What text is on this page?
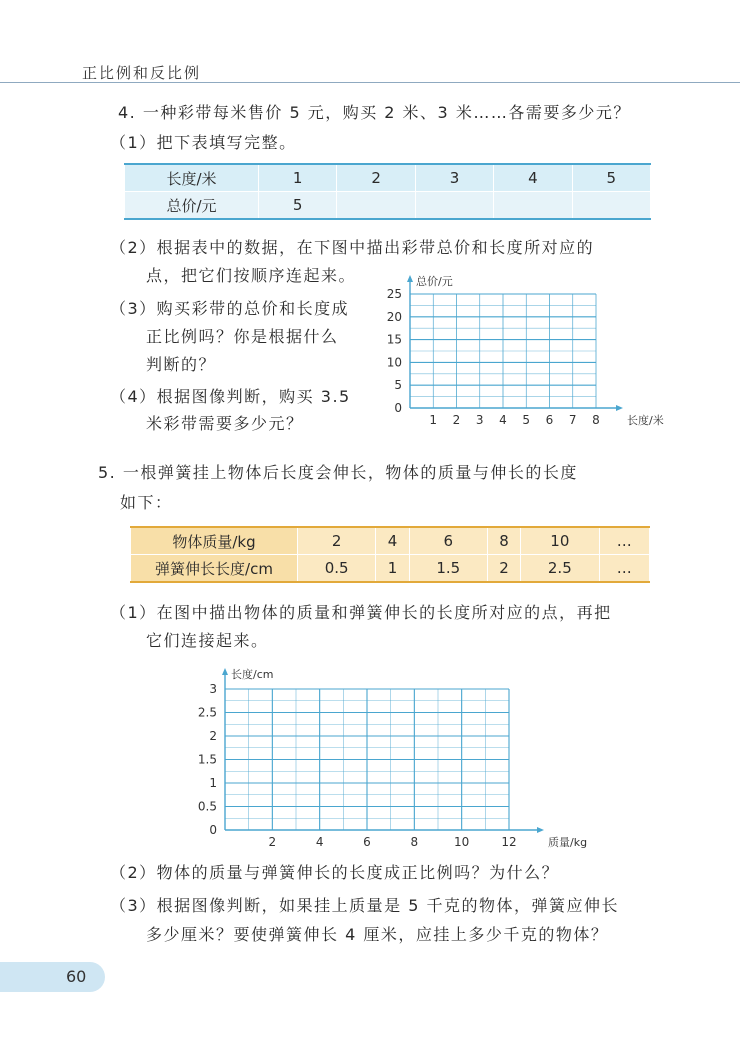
正比例和反比例
4. 一种彩带每米售价 5 元，购买 2 米、3 米……各需要多少元？
（1）把下表填写完整。
长度/米	1	2	3	4	5
总价/元	5				
（2）根据表中的数据，在下图中描出彩带总价和长度所对应的
点，把它们按顺序连起来。
（3）购买彩带的总价和长度成
正比例吗？你是根据什么
判断的？
（4）根据图像判断，购买 3.5
米彩带需要多少元？	1 2 3 4 5 6 7 8
0
5
10
15
20
25
长度/米
总价/元
5. 一根弹簧挂上物体后长度会伸长，物体的质量与伸长的长度
如下：
物体质量/kg	2	4	6	8	10	…
弹簧伸长长度/cm	0.5	1	1.5	2	2.5	…
（1）在图中描出物体的质量和弹簧伸长的长度所对应的点，再把
它们连接起来。
2	4	6	8	10	12
0
0.5
1
1.5
2
2.5
3
质量/kg
长度/cm
（2）物体的质量与弹簧伸长的长度成正比例吗？为什么？
（3）根据图像判断，如果挂上质量是 5 千克的物体，弹簧应伸长
多少厘米？要使弹簧伸长 4 厘米，应挂上多少千克的物体？
60
